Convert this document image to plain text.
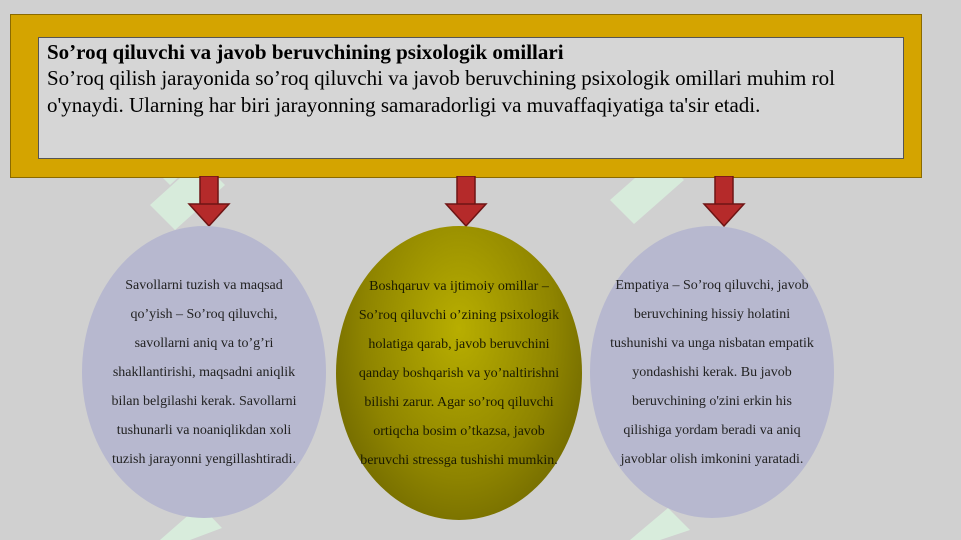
So’roq qiluvchi va javob beruvchining psixologik omillari
So’roq qilish jarayonida so’roq qiluvchi va javob beruvchining psixologik omillari muhim rol o'ynaydi. Ularning har biri jarayonning samaradorligi va muvaffaqiyatiga ta'sir etadi.
Savollarni tuzish va maqsad qo’yish – So’roq qiluvchi, savollarni aniq va to’g’ri shakllantirishi, maqsadni aniqlik bilan belgilashi kerak. Savollarni tushunarli va noaniqlikdan xoli tuzish jarayonni yengillashtiradi.
Boshqaruv va ijtimoiy omillar – So’roq qiluvchi o’zining psixologik holatiga qarab, javob beruvchini qanday boshqarish va yo’naltirishni bilishi zarur. Agar so’roq qiluvchi ortiqcha bosim o’tkazsa, javob beruvchi stressga tushishi mumkin.
Empatiya – So’roq qiluvchi, javob beruvchining hissiy holatini tushunishi va unga nisbatan empatik yondashishi kerak. Bu javob beruvchining o'zini erkin his qilishiga yordam beradi va aniq javoblar olish imkonini yaratadi.
